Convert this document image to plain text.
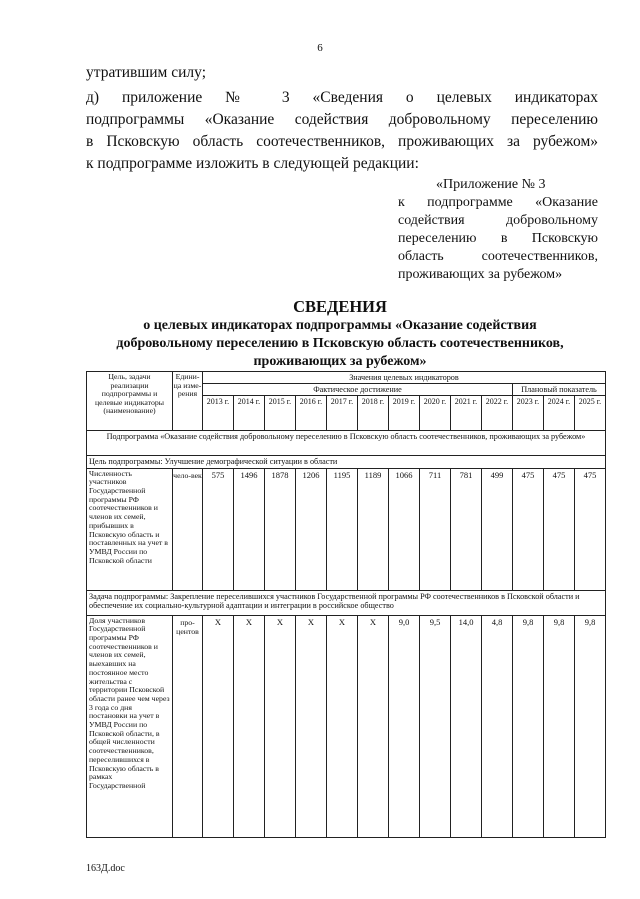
6
утратившим силу;
д) приложение № 3 «Сведения о целевых индикаторах
подпрограммы «Оказание содействия добровольному переселению
в Псковскую область соотечественников, проживающих за рубежом»
к подпрограмме изложить в следующей редакции:
«Приложение № 3
к подпрограмме «Оказание
содействия добровольному
переселению в Псковскую
область соотечественников,
проживающих за рубежом»
СВЕДЕНИЯ
о целевых индикаторах подпрограммы «Оказание содействия
добровольному переселению в Псковскую область соотечественников,
проживающих за рубежом»
Цель, задачи реализации подпрограммы и целевые индикаторы (наименование)	Едини-ца изме-рения	Значения целевых индикаторов												
		Фактическое достижение										Плановый показатель		
		2013 г.	2014 г.	2015 г.	2016 г.	2017 г.	2018 г.	2019 г.	2020 г.	2021 г.	2022 г.	2023 г.	2024 г.	2025 г.
Подпрограмма «Оказание содействия добровольному переселению в Псковскую область соотечественников, проживающих за рубежом»														
Цель подпрограммы: Улучшение демографической ситуации в области														
Численность участников Государственной программы РФ соотечественников и членов их семей, прибывших в Псковскую область и поставленных на учет в УМВД России по Псковской области	чело-век	575	1496	1878	1206	1195	1189	1066	711	781	499	475	475	475
Задача подпрограммы: Закрепление переселившихся участников Государственной программы РФ соотечественников в Псковской области и обеспечение их социально-культурной адаптации и интеграции в российское общество														
Доля участников Государственной программы РФ соотечественников и членов их семей, выехавших на постоянное место жительства с территории Псковской области ранее чем через 3 года со дня постановки на учет в УМВД России по Псковской области, в общей численности соотечественников, переселившихся в Псковскую область в рамках Государственной	про-центов	Х	Х	Х	Х	Х	Х	9,0	9,5	14,0	4,8	9,8	9,8	9,8
163Д.doc
